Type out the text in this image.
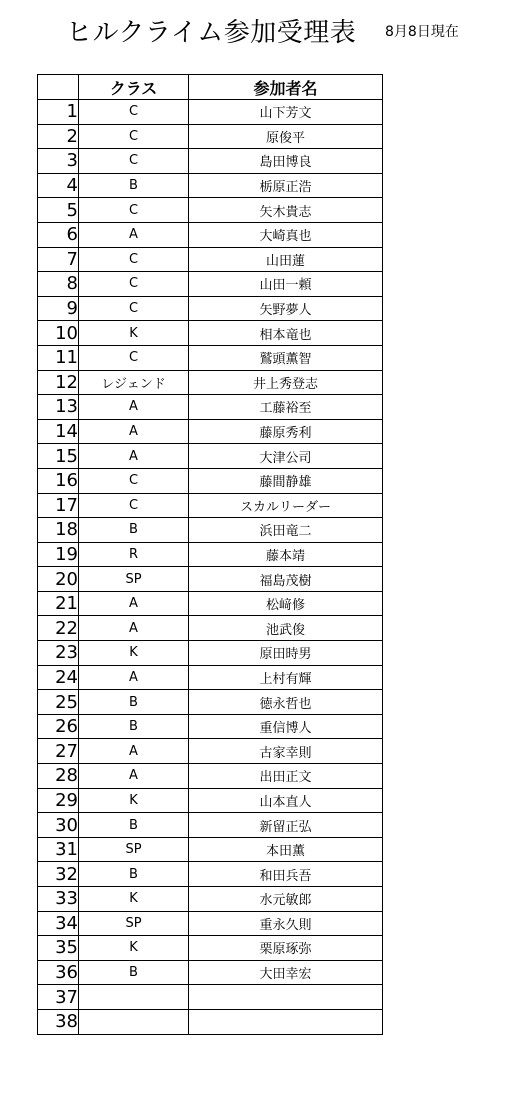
ヒルクライム参加受理表 8月8日現在
	クラス	参加者名
1	C	山下芳文
2	C	原俊平
3	C	島田博良
4	B	栃原正浩
5	C	矢木貴志
6	A	大崎真也
7	C	山田蓮
8	C	山田一頼
9	C	矢野夢人
10	K	相本竜也
11	C	鷲頭薫智
12	レジェンド	井上秀登志
13	A	工藤裕至
14	A	藤原秀利
15	A	大津公司
16	C	藤間静雄
17	C	スカルリーダー
18	B	浜田竜二
19	R	藤本靖
20	SP	福島茂樹
21	A	松﨑修
22	A	池武俊
23	K	原田時男
24	A	上村有輝
25	B	徳永哲也
26	B	重信博人
27	A	古家幸則
28	A	出田正文
29	K	山本直人
30	B	新留正弘
31	SP	本田薫
32	B	和田兵吾
33	K	水元敏郎
34	SP	重永久則
35	K	栗原琢弥
36	B	大田幸宏
37		
38		
